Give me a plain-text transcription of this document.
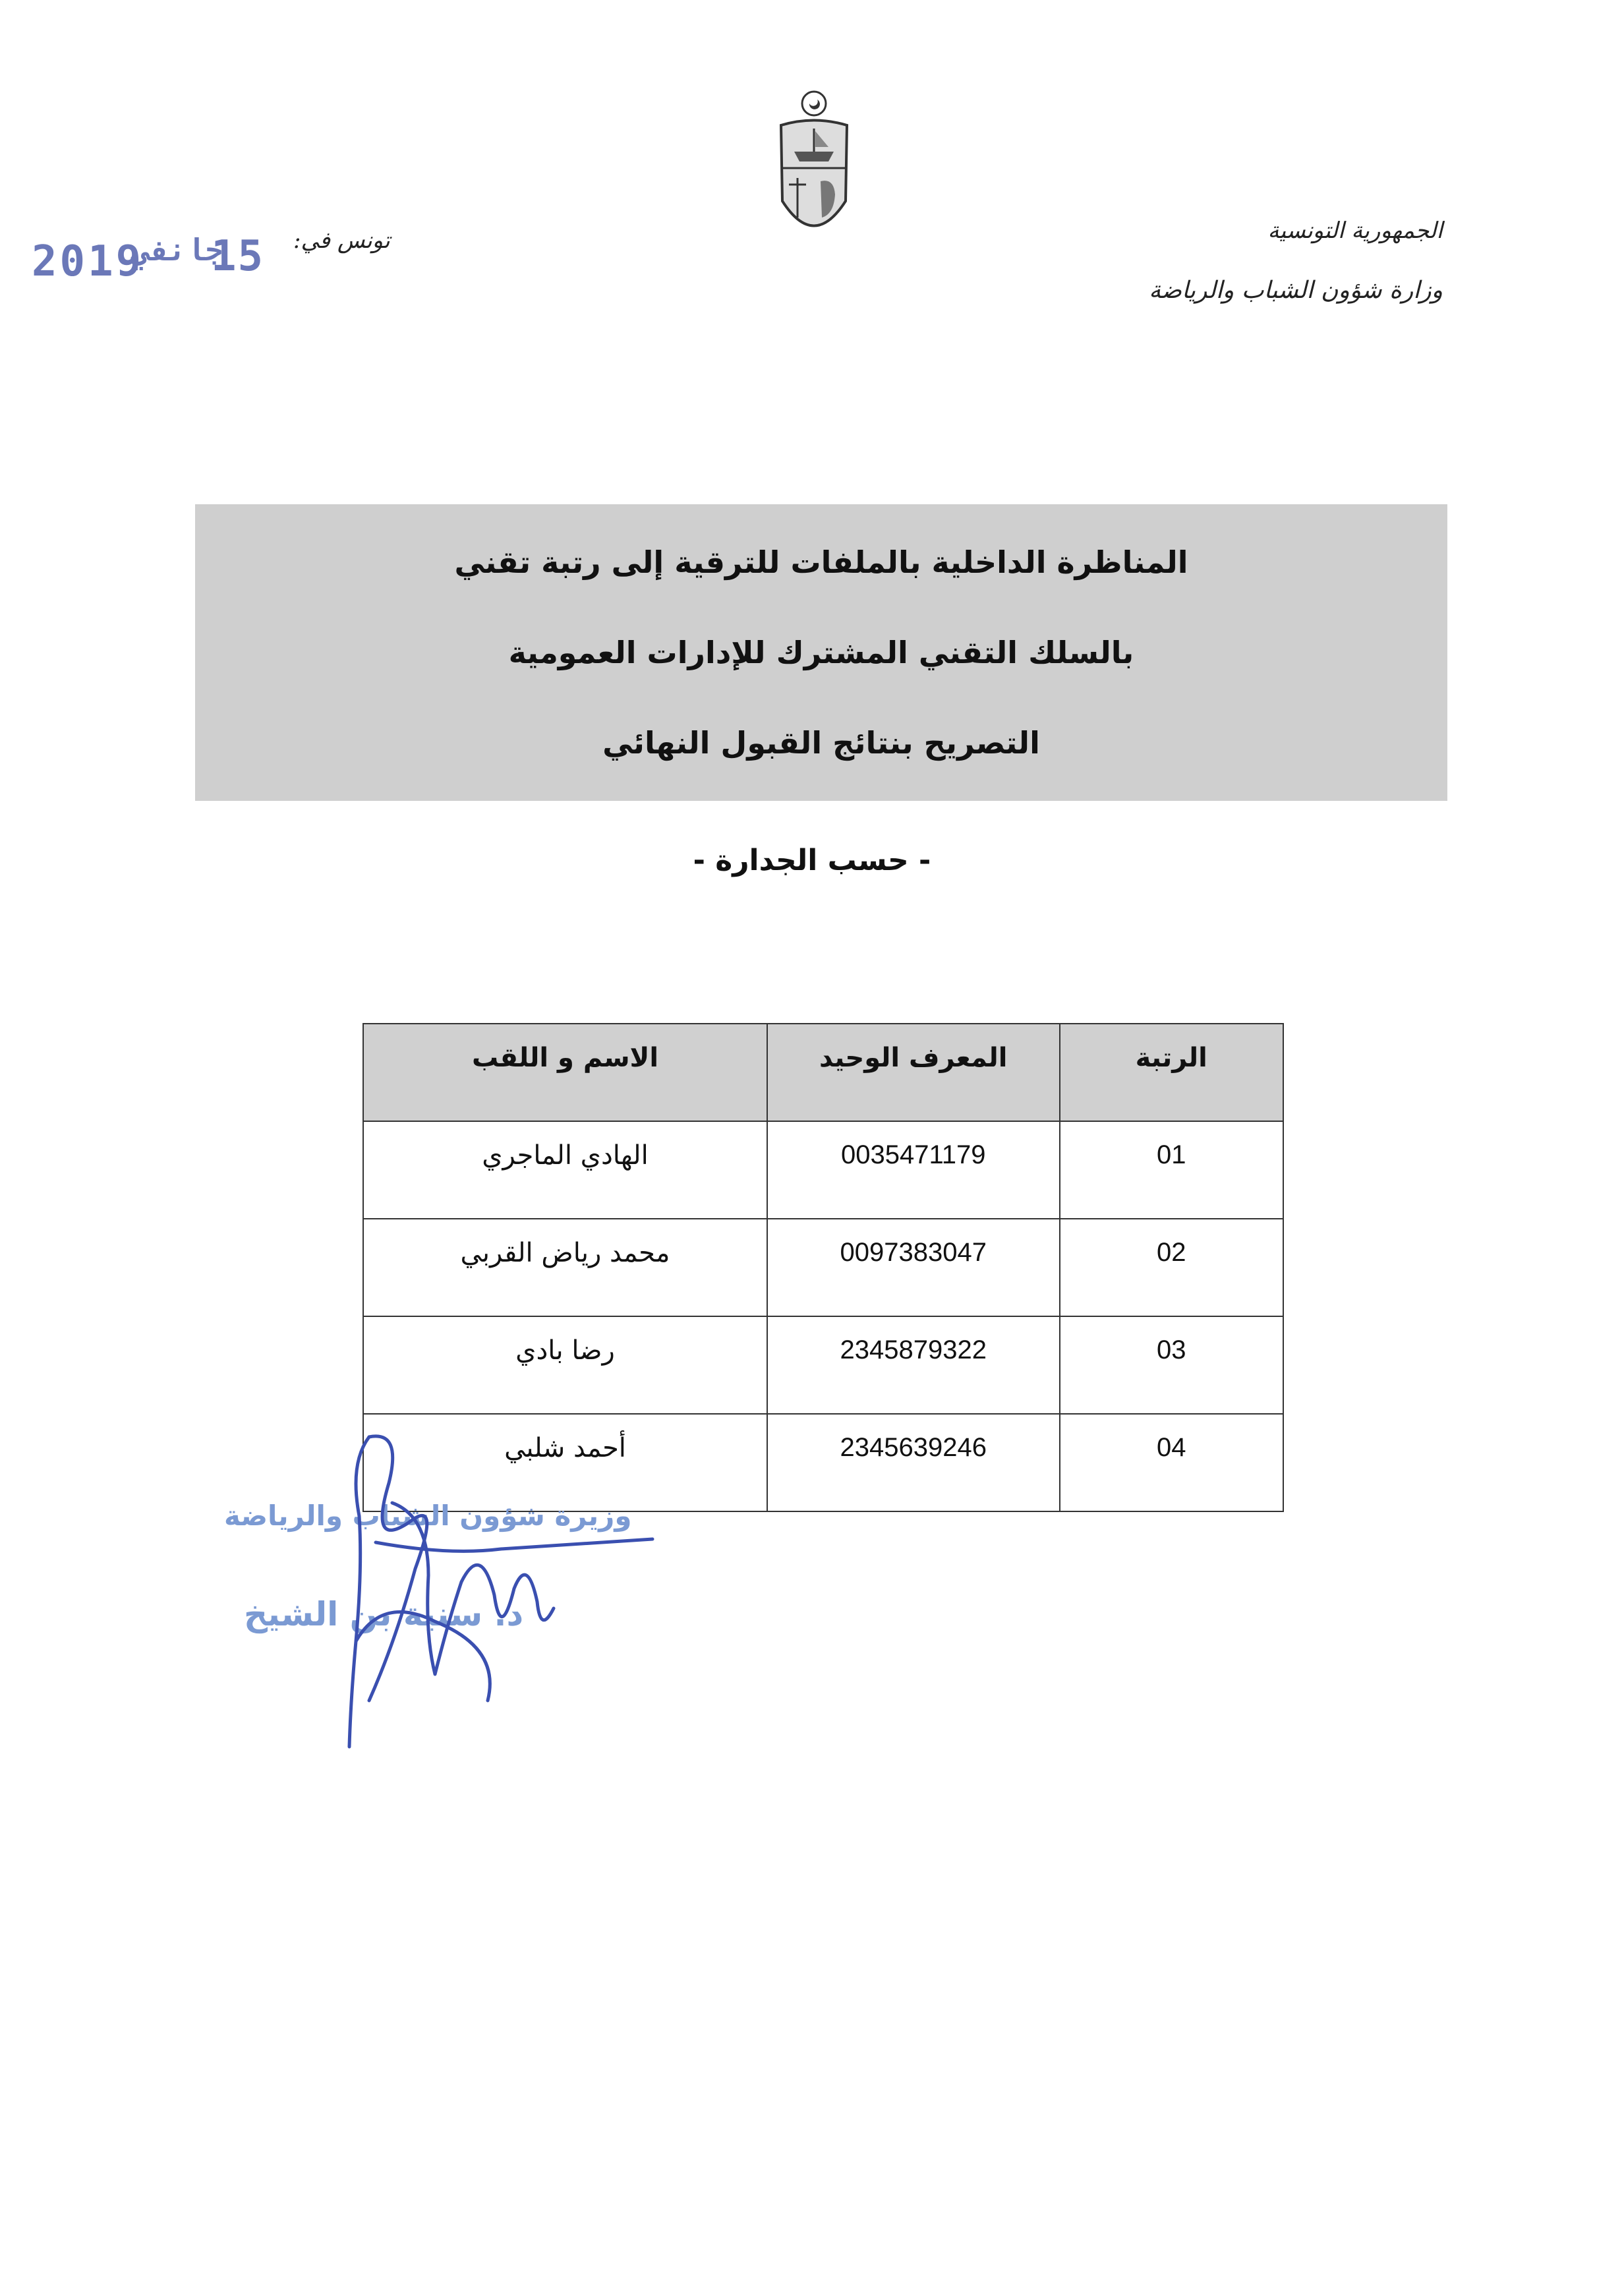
الجمهورية التونسية
وزارة شؤون الشباب والرياضة
تونس في:
2019
جانفي
15
المناظرة الداخلية بالملفات للترقية إلى رتبة تقني
بالسلك التقني المشترك للإدارات العمومية
التصريح بنتائج القبول النهائي
- حسب الجدارة -
الرتبة	المعرف الوحيد	الاسم و اللقب
01	0035471179	الهادي الماجري
02	0097383047	محمد رياض القربي
03	2345879322	رضا بادي
04	2345639246	أحمد شلبي
وزيرة شؤون الشباب والرياضة
د. سنية بن الشيخ
